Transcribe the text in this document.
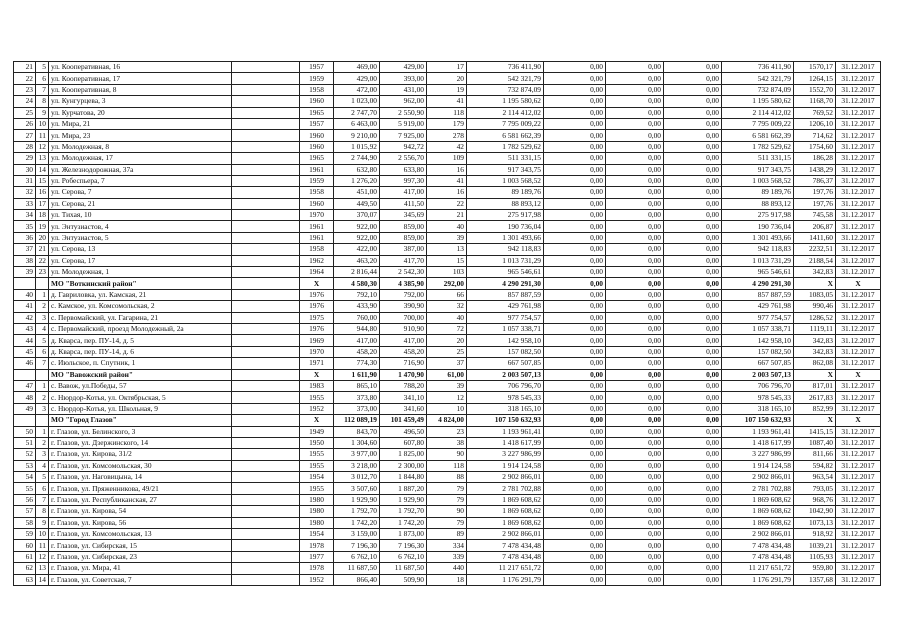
21	5	ул. Кооперативная, 16		1957	469,00	429,00	17	736 411,90	0,00	0,00	0,00	736 411,90	1570,17	31.12.2017
22	6	ул. Кооперативная, 17		1959	429,00	393,00	20	542 321,79	0,00	0,00	0,00	542 321,79	1264,15	31.12.2017
23	7	ул. Кооперативная, 8		1958	472,00	431,00	19	732 874,09	0,00	0,00	0,00	732 874,09	1552,70	31.12.2017
24	8	ул. Кунгурцева, 3		1960	1 023,00	962,00	41	1 195 580,62	0,00	0,00	0,00	1 195 580,62	1168,70	31.12.2017
25	9	ул. Курчатова, 20		1965	2 747,70	2 550,90	118	2 114 412,02	0,00	0,00	0,00	2 114 412,02	769,52	31.12.2017
26	10	ул. Мира, 21		1957	6 463,00	5 919,00	179	7 795 009,22	0,00	0,00	0,00	7 795 009,22	1206,10	31.12.2017
27	11	ул. Мира, 23		1960	9 210,00	7 925,00	278	6 581 662,39	0,00	0,00	0,00	6 581 662,39	714,62	31.12.2017
28	12	ул. Молодежная, 8		1960	1 015,92	942,72	42	1 782 529,62	0,00	0,00	0,00	1 782 529,62	1754,60	31.12.2017
29	13	ул. Молодежная, 17		1965	2 744,90	2 556,70	109	511 331,15	0,00	0,00	0,00	511 331,15	186,28	31.12.2017
30	14	ул. Железнодорожная, 37а		1961	632,80	633,80	16	917 343,75	0,00	0,00	0,00	917 343,75	1438,29	31.12.2017
31	15	ул. Робеспьера, 7		1959	1 276,20	997,30	41	1 003 568,52	0,00	0,00	0,00	1 003 568,52	786,37	31.12.2017
32	16	ул. Серова, 7		1958	451,00	417,00	16	89 189,76	0,00	0,00	0,00	89 189,76	197,76	31.12.2017
33	17	ул. Серова, 21		1960	449,50	411,50	22	88 893,12	0,00	0,00	0,00	88 893,12	197,76	31.12.2017
34	18	ул. Тихая, 10		1970	370,07	345,69	21	275 917,98	0,00	0,00	0,00	275 917,98	745,58	31.12.2017
35	19	ул. Энтузиастов, 4		1961	922,00	859,00	40	190 736,04	0,00	0,00	0,00	190 736,04	206,87	31.12.2017
36	20	ул. Энтузиастов, 5		1961	922,00	859,00	39	1 301 493,66	0,00	0,00	0,00	1 301 493,66	1411,60	31.12.2017
37	21	ул. Серова, 13		1958	422,00	387,00	13	942 118,83	0,00	0,00	0,00	942 118,83	2232,51	31.12.2017
38	22	ул. Серова, 17		1962	463,20	417,70	15	1 013 731,29	0,00	0,00	0,00	1 013 731,29	2188,54	31.12.2017
39	23	ул. Молодежная, 1		1964	2 816,44	2 542,30	103	965 546,61	0,00	0,00	0,00	965 546,61	342,83	31.12.2017
		МО "Воткинский район"		X	4 580,30	4 385,90	292,00	4 290 291,30	0,00	0,00	0,00	4 290 291,30	X	X
40	1	д. Гавриловка, ул. Камская, 21		1976	792,10	792,00	66	857 887,59	0,00	0,00	0,00	857 887,59	1083,05	31.12.2017
41	2	с. Камское, ул. Комсомольская, 2		1976	433,90	390,90	32	429 761,98	0,00	0,00	0,00	429 761,98	990,46	31.12.2017
42	3	с. Первомайский, ул. Гагарина, 21		1975	760,00	700,00	40	977 754,57	0,00	0,00	0,00	977 754,57	1286,52	31.12.2017
43	4	с. Первомайский, проезд Молодежный, 2а		1976	944,80	910,90	72	1 057 338,71	0,00	0,00	0,00	1 057 338,71	1119,11	31.12.2017
44	5	д. Кварса, пер. ПУ-14, д. 5		1969	417,00	417,00	20	142 958,10	0,00	0,00	0,00	142 958,10	342,83	31.12.2017
45	6	д. Кварса, пер. ПУ-14, д. 6		1970	458,20	458,20	25	157 082,50	0,00	0,00	0,00	157 082,50	342,83	31.12.2017
46	7	с. Июльское, п. Спутник, 1		1971	774,30	716,90	37	667 507,85	0,00	0,00	0,00	667 507,85	862,08	31.12.2017
		МО "Вавожский район"		X	1 611,90	1 470,90	61,00	2 003 507,13	0,00	0,00	0,00	2 003 507,13	X	X
47	1	с. Вавож, ул.Победы, 57		1983	865,10	788,20	39	706 796,70	0,00	0,00	0,00	706 796,70	817,01	31.12.2017
48	2	с. Нюрдор-Котья, ул. Октябрьская, 5		1955	373,80	341,10	12	978 545,33	0,00	0,00	0,00	978 545,33	2617,83	31.12.2017
49	3	с. Нюрдор-Котья, ул. Школьная, 9		1952	373,00	341,60	10	318 165,10	0,00	0,00	0,00	318 165,10	852,99	31.12.2017
		МО "Город Глазов"		X	112 089,19	101 459,49	4 824,00	107 150 632,93	0,00	0,00	0,00	107 150 632,93	X	X
50	1	г. Глазов, ул. Белинского, 3		1949	843,70	496,50	23	1 193 961,41	0,00	0,00	0,00	1 193 961,41	1415,15	31.12.2017
51	2	г. Глазов, ул. Дзержинского, 14		1950	1 304,60	607,80	38	1 418 617,99	0,00	0,00	0,00	1 418 617,99	1087,40	31.12.2017
52	3	г. Глазов, ул. Кирова, 31/2		1955	3 977,00	1 825,00	90	3 227 986,99	0,00	0,00	0,00	3 227 986,99	811,66	31.12.2017
53	4	г. Глазов, ул. Комсомольская, 30		1955	3 218,00	2 300,00	118	1 914 124,58	0,00	0,00	0,00	1 914 124,58	594,82	31.12.2017
54	5	г. Глазов, ул. Наговицына, 14		1954	3 012,70	1 844,80	88	2 902 866,01	0,00	0,00	0,00	2 902 866,01	963,54	31.12.2017
55	6	г. Глазов, ул. Пряженникова, 49/21		1955	3 507,60	1 887,20	79	2 781 702,88	0,00	0,00	0,00	2 781 702,88	793,05	31.12.2017
56	7	г. Глазов, ул. Республиканская, 27		1980	1 929,90	1 929,90	79	1 869 608,62	0,00	0,00	0,00	1 869 608,62	968,76	31.12.2017
57	8	г. Глазов, ул. Кирова, 54		1980	1 792,70	1 792,70	90	1 869 608,62	0,00	0,00	0,00	1 869 608,62	1042,90	31.12.2017
58	9	г. Глазов, ул. Кирова, 56		1980	1 742,20	1 742,20	79	1 869 608,62	0,00	0,00	0,00	1 869 608,62	1073,13	31.12.2017
59	10	г. Глазов, ул. Комсомольская, 13		1954	3 159,00	1 873,00	89	2 902 866,01	0,00	0,00	0,00	2 902 866,01	918,92	31.12.2017
60	11	г. Глазов, ул. Сибирская, 15		1978	7 196,30	7 196,30	334	7 478 434,48	0,00	0,00	0,00	7 478 434,48	1039,21	31.12.2017
61	12	г. Глазов, ул. Сибирская, 23		1977	6 762,10	6 762,10	339	7 478 434,48	0,00	0,00	0,00	7 478 434,48	1105,93	31.12.2017
62	13	г. Глазов, ул. Мира, 41		1978	11 687,50	11 687,50	440	11 217 651,72	0,00	0,00	0,00	11 217 651,72	959,80	31.12.2017
63	14	г. Глазов, ул. Советская, 7		1952	866,40	509,90	18	1 176 291,79	0,00	0,00	0,00	1 176 291,79	1357,68	31.12.2017
